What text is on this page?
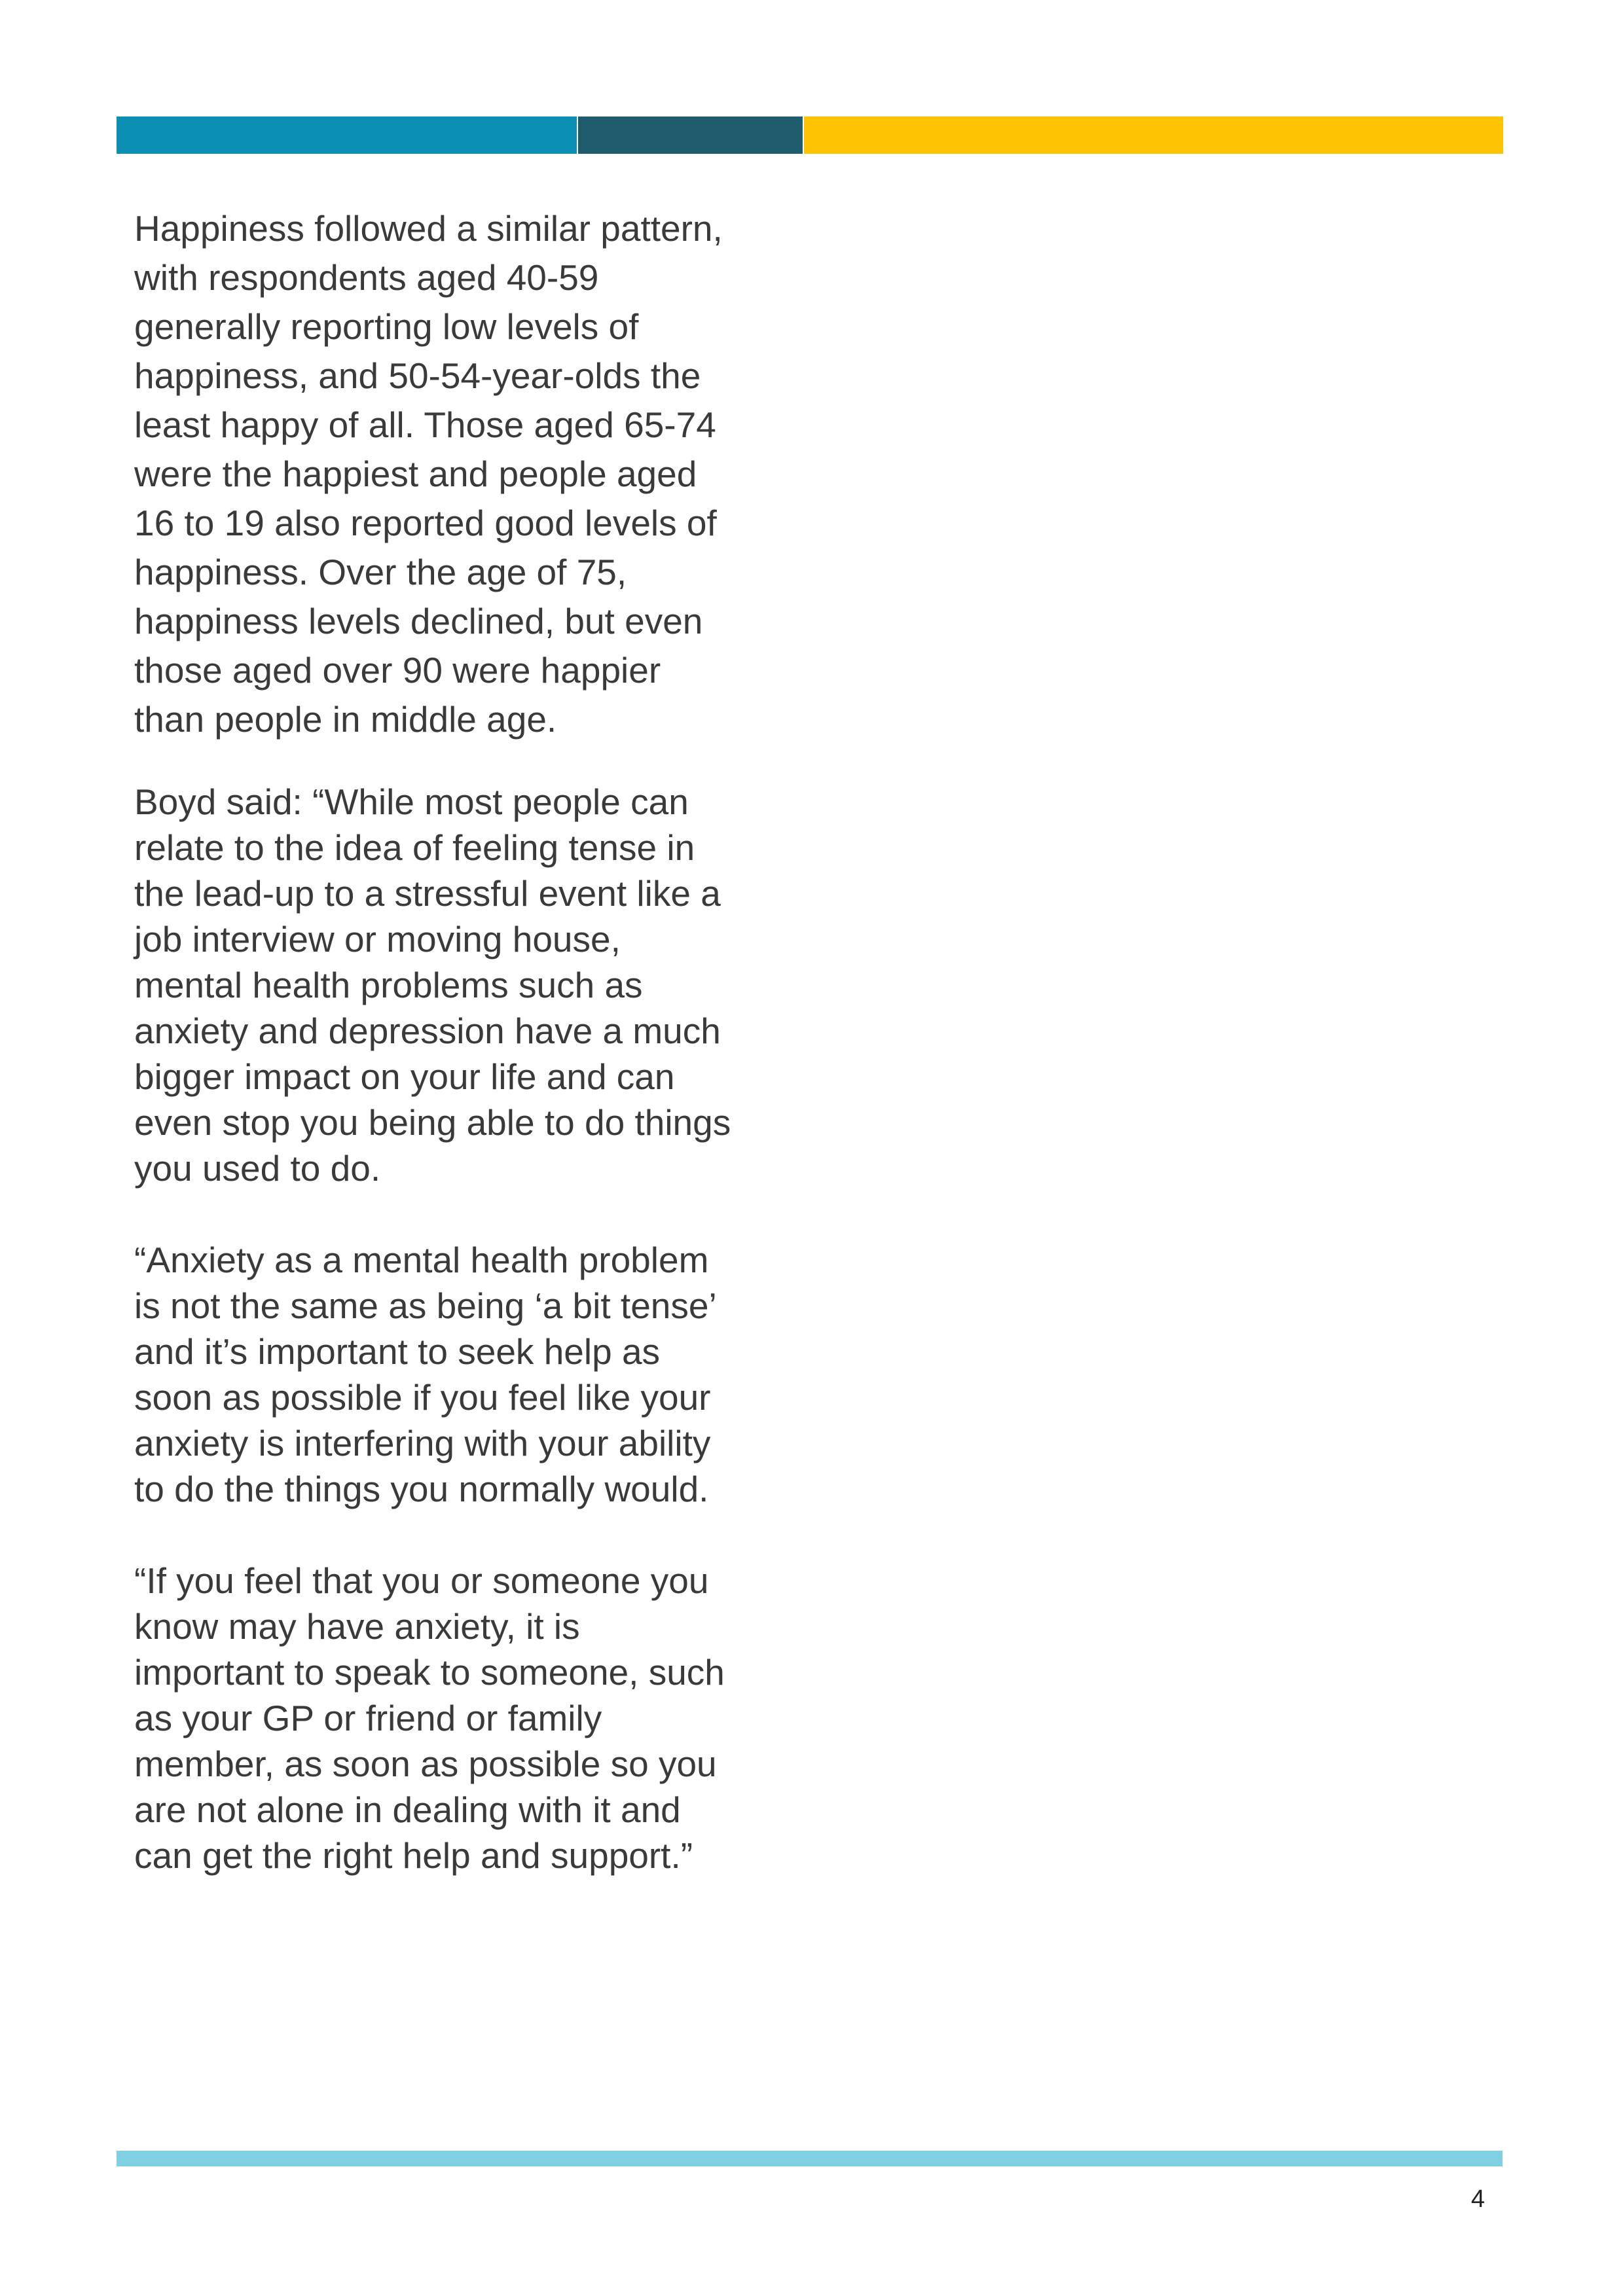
Happiness followed a similar pattern,
with respondents aged 40-59
generally reporting low levels of
happiness, and 50-54-year-olds the
least happy of all. Those aged 65-74
were the happiest and people aged
16 to 19 also reported good levels of
happiness. Over the age of 75,
happiness levels declined, but even
those aged over 90 were happier
than people in middle age.

Boyd said: “While most people can
relate to the idea of feeling tense in
the lead-up to a stressful event like a
job interview or moving house,
mental health problems such as
anxiety and depression have a much
bigger impact on your life and can
even stop you being able to do things
you used to do.

“Anxiety as a mental health problem
is not the same as being ‘a bit tense’
and it’s important to seek help as
soon as possible if you feel like your
anxiety is interfering with your ability
to do the things you normally would.

“If you feel that you or someone you
know may have anxiety, it is
important to speak to someone, such
as your GP or friend or family
member, as soon as possible so you
are not alone in dealing with it and
can get the right help and support.”

4
